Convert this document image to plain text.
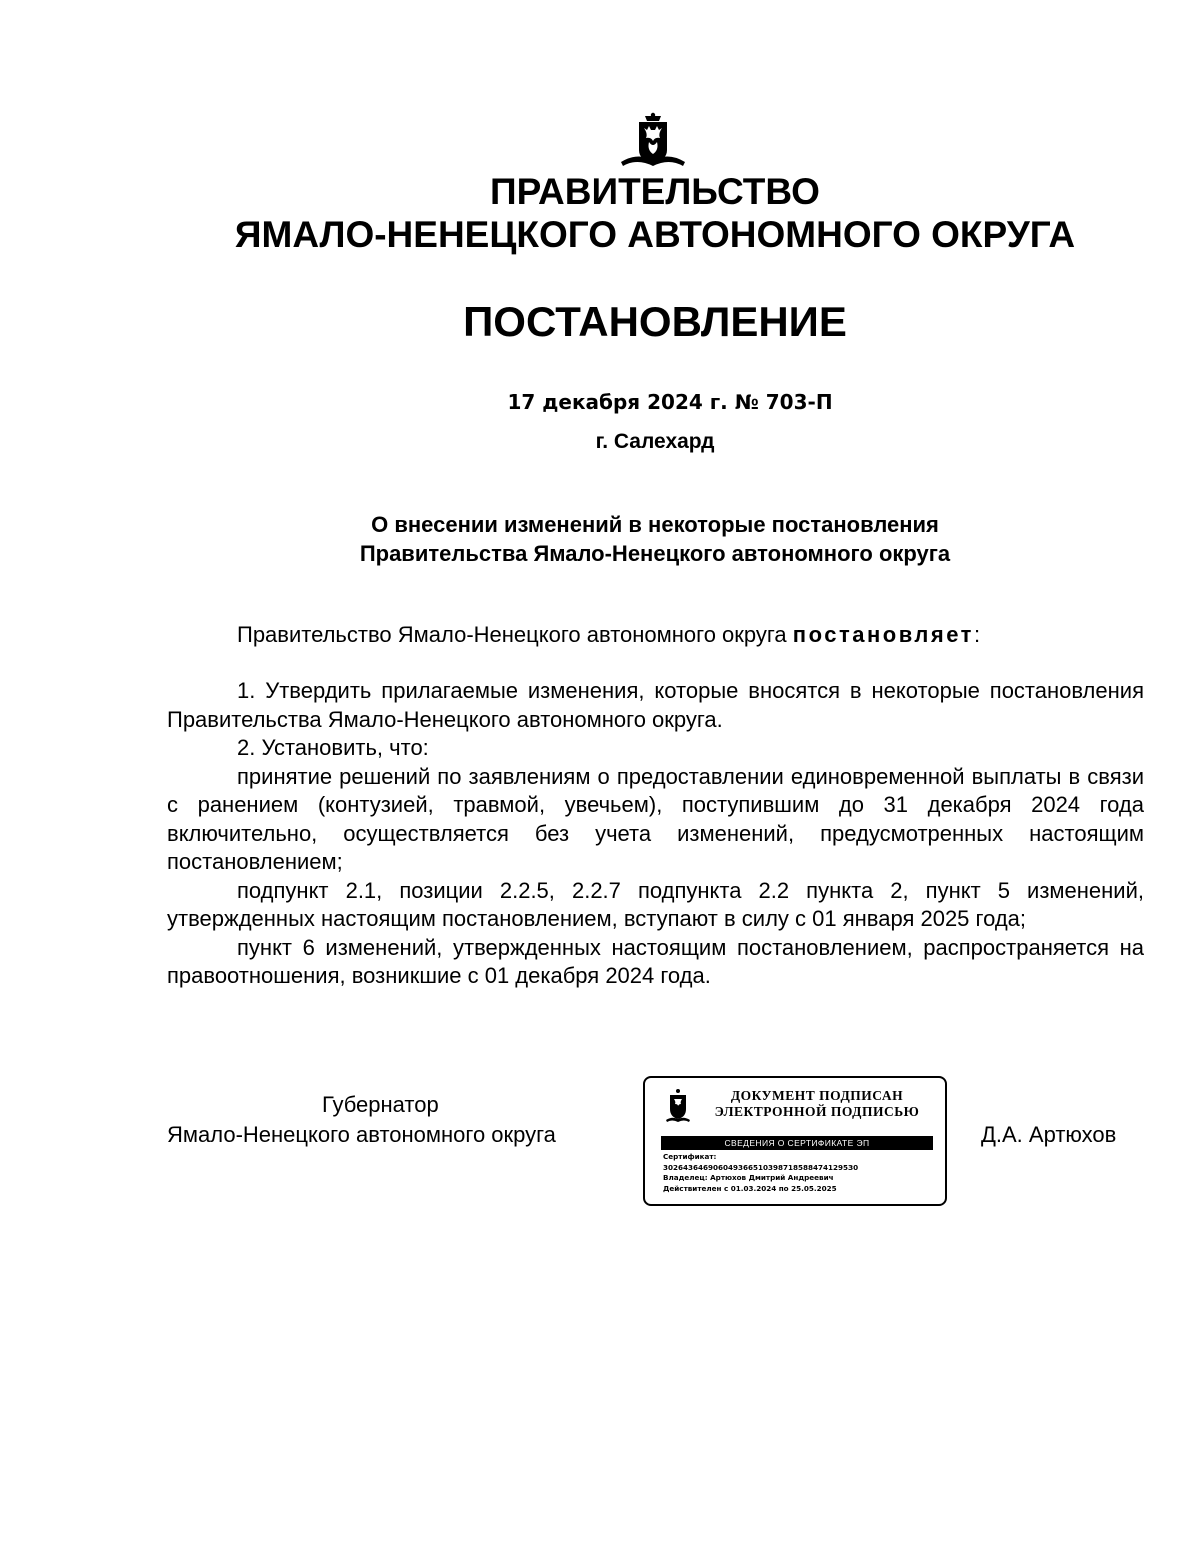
ПРАВИТЕЛЬСТВО
ЯМАЛО-НЕНЕЦКОГО АВТОНОМНОГО ОКРУГА
ПОСТАНОВЛЕНИЕ
17 декабря 2024 г. № 703-П
г. Салехард
О внесении изменений в некоторые постановления
Правительства Ямало-Ненецкого автономного округа
Правительство Ямало-Ненецкого автономного округа постановляет:

1. Утвердить прилагаемые изменения, которые вносятся в некоторые постановления Правительства Ямало-Ненецкого автономного округа.

2. Установить, что:

принятие решений по заявлениям о предоставлении единовременной выплаты в связи с ранением (контузией, травмой, увечьем), поступившим до 31 декабря 2024 года включительно, осуществляется без учета изменений, предусмотренных настоящим постановлением;

подпункт 2.1, позиции 2.2.5, 2.2.7 подпункта 2.2 пункта 2, пункт 5 изменений, утвержденных настоящим постановлением, вступают в силу с 01 января 2025 года;

пункт 6 изменений, утвержденных настоящим постановлением, распространяется на правоотношения, возникшие с 01 декабря 2024 года.

Губернатор
Ямало-Ненецкого автономного округа	Д.А. Артюхов
ДОКУМЕНТ ПОДПИСАН
ЭЛЕКТРОННОЙ ПОДПИСЬЮ
СВЕДЕНИЯ О СЕРТИФИКАТЕ ЭП
Сертификат:
3026436469060493665103987185884741295З0
Владелец: Артюхов Дмитрий Андреевич
Действителен с 01.03.2024 по 25.05.2025
